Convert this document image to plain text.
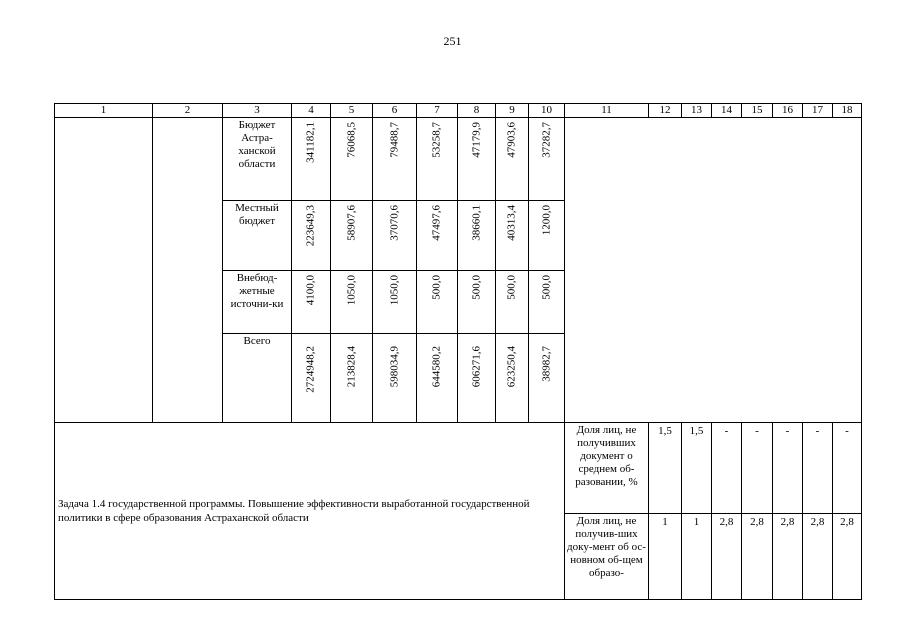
251
1	2	3	4	5	6	7	8	9	10	11	12	13	14	15	16	17	18
		Бюджет Астра-ханской области	341182,1	76068,5	79488,7	53258,7	47179,9	47903,6	37282,7								

		Местный бюджет	223649,3	58907,6	37070,6	47497,6	38660,1	40313,4	1200,0								

		Внебюд-жетные источни-ки	4100,0	1050,0	1050,0	500,0	500,0	500,0	500,0								

		Всего	2724948,2	213828,4	598034,9	644580,2	606271,6	623250,4	38982,7								

Задача 1.4 государственной программы. Повышение эффективности выработанной государственной политики в сфере образования Астраханской области										Доля лиц, не получивших документ о среднем об-разовании, %	1,5	1,5	-	-	-	-	-
										Доля лиц, не получив-ших доку-мент об ос-новном об-щем образо-	1	1	2,8	2,8	2,8	2,8	2,8
